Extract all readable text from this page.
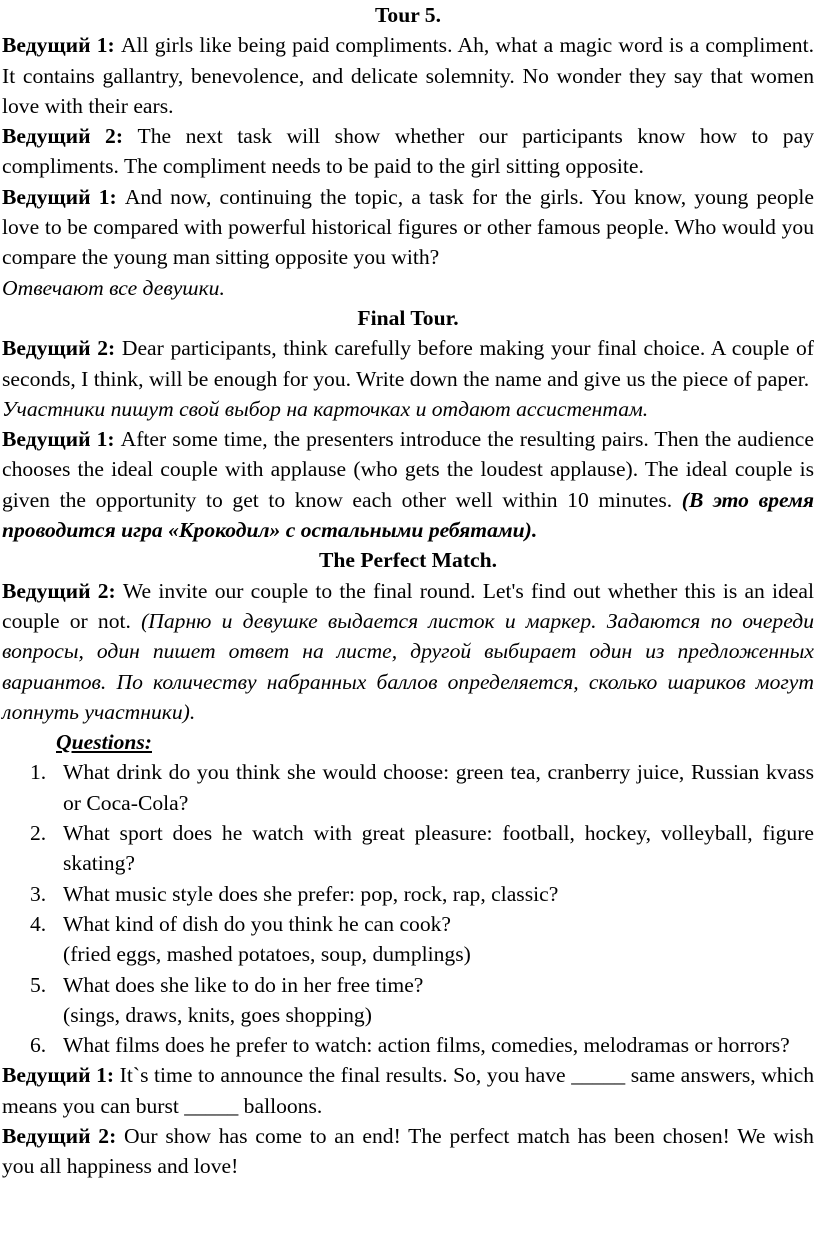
Tour 5.

Ведущий 1: All girls like being paid compliments. Ah, what a magic word is a compliment. It contains gallantry, benevolence, and delicate solemnity. No wonder they say that women love with their ears.

Ведущий 2: The next task will show whether our participants know how to pay compliments. The compliment needs to be paid to the girl sitting opposite.

Ведущий 1: And now, continuing the topic, a task for the girls. You know, young people love to be compared with powerful historical figures or other famous people. Who would you compare the young man sitting opposite you with?

Отвечают все девушки.

Final Tour.

Ведущий 2: Dear participants, think carefully before making your final choice. A couple of seconds, I think, will be enough for you. Write down the name and give us the piece of paper.

Участники пишут свой выбор на карточках и отдают ассистентам.

Ведущий 1: After some time, the presenters introduce the resulting pairs. Then the audience chooses the ideal couple with applause (who gets the loudest applause). The ideal couple is given the opportunity to get to know each other well within 10 minutes. (В это время проводится игра «Крокодил» с остальными ребятами).

The Perfect Match.

Ведущий 2: We invite our couple to the final round. Let's find out whether this is an ideal couple or not. (Парню и девушке выдается листок и маркер. Задаются по очереди вопросы, один пишет ответ на листе, другой выбирает один из предложенных вариантов. По количеству набранных баллов определяется, сколько шариков могут лопнуть участники).

Questions:

1. What drink do you think she would choose: green tea, cranberry juice, Russian kvass or Coca-Cola?
2. What sport does he watch with great pleasure: football, hockey, volleyball, figure skating?
3. What music style does she prefer: pop, rock, rap, classic?
4. What kind of dish do you think he can cook?
(fried eggs, mashed potatoes, soup, dumplings)
5. What does she like to do in her free time?
(sings, draws, knits, goes shopping)
6. What films does he prefer to watch: action films, comedies, melodramas or horrors?

Ведущий 1: It`s time to announce the final results. So, you have _____ same answers, which means you can burst _____ balloons.

Ведущий 2: Our show has come to an end! The perfect match has been chosen! We wish you all happiness and love!
